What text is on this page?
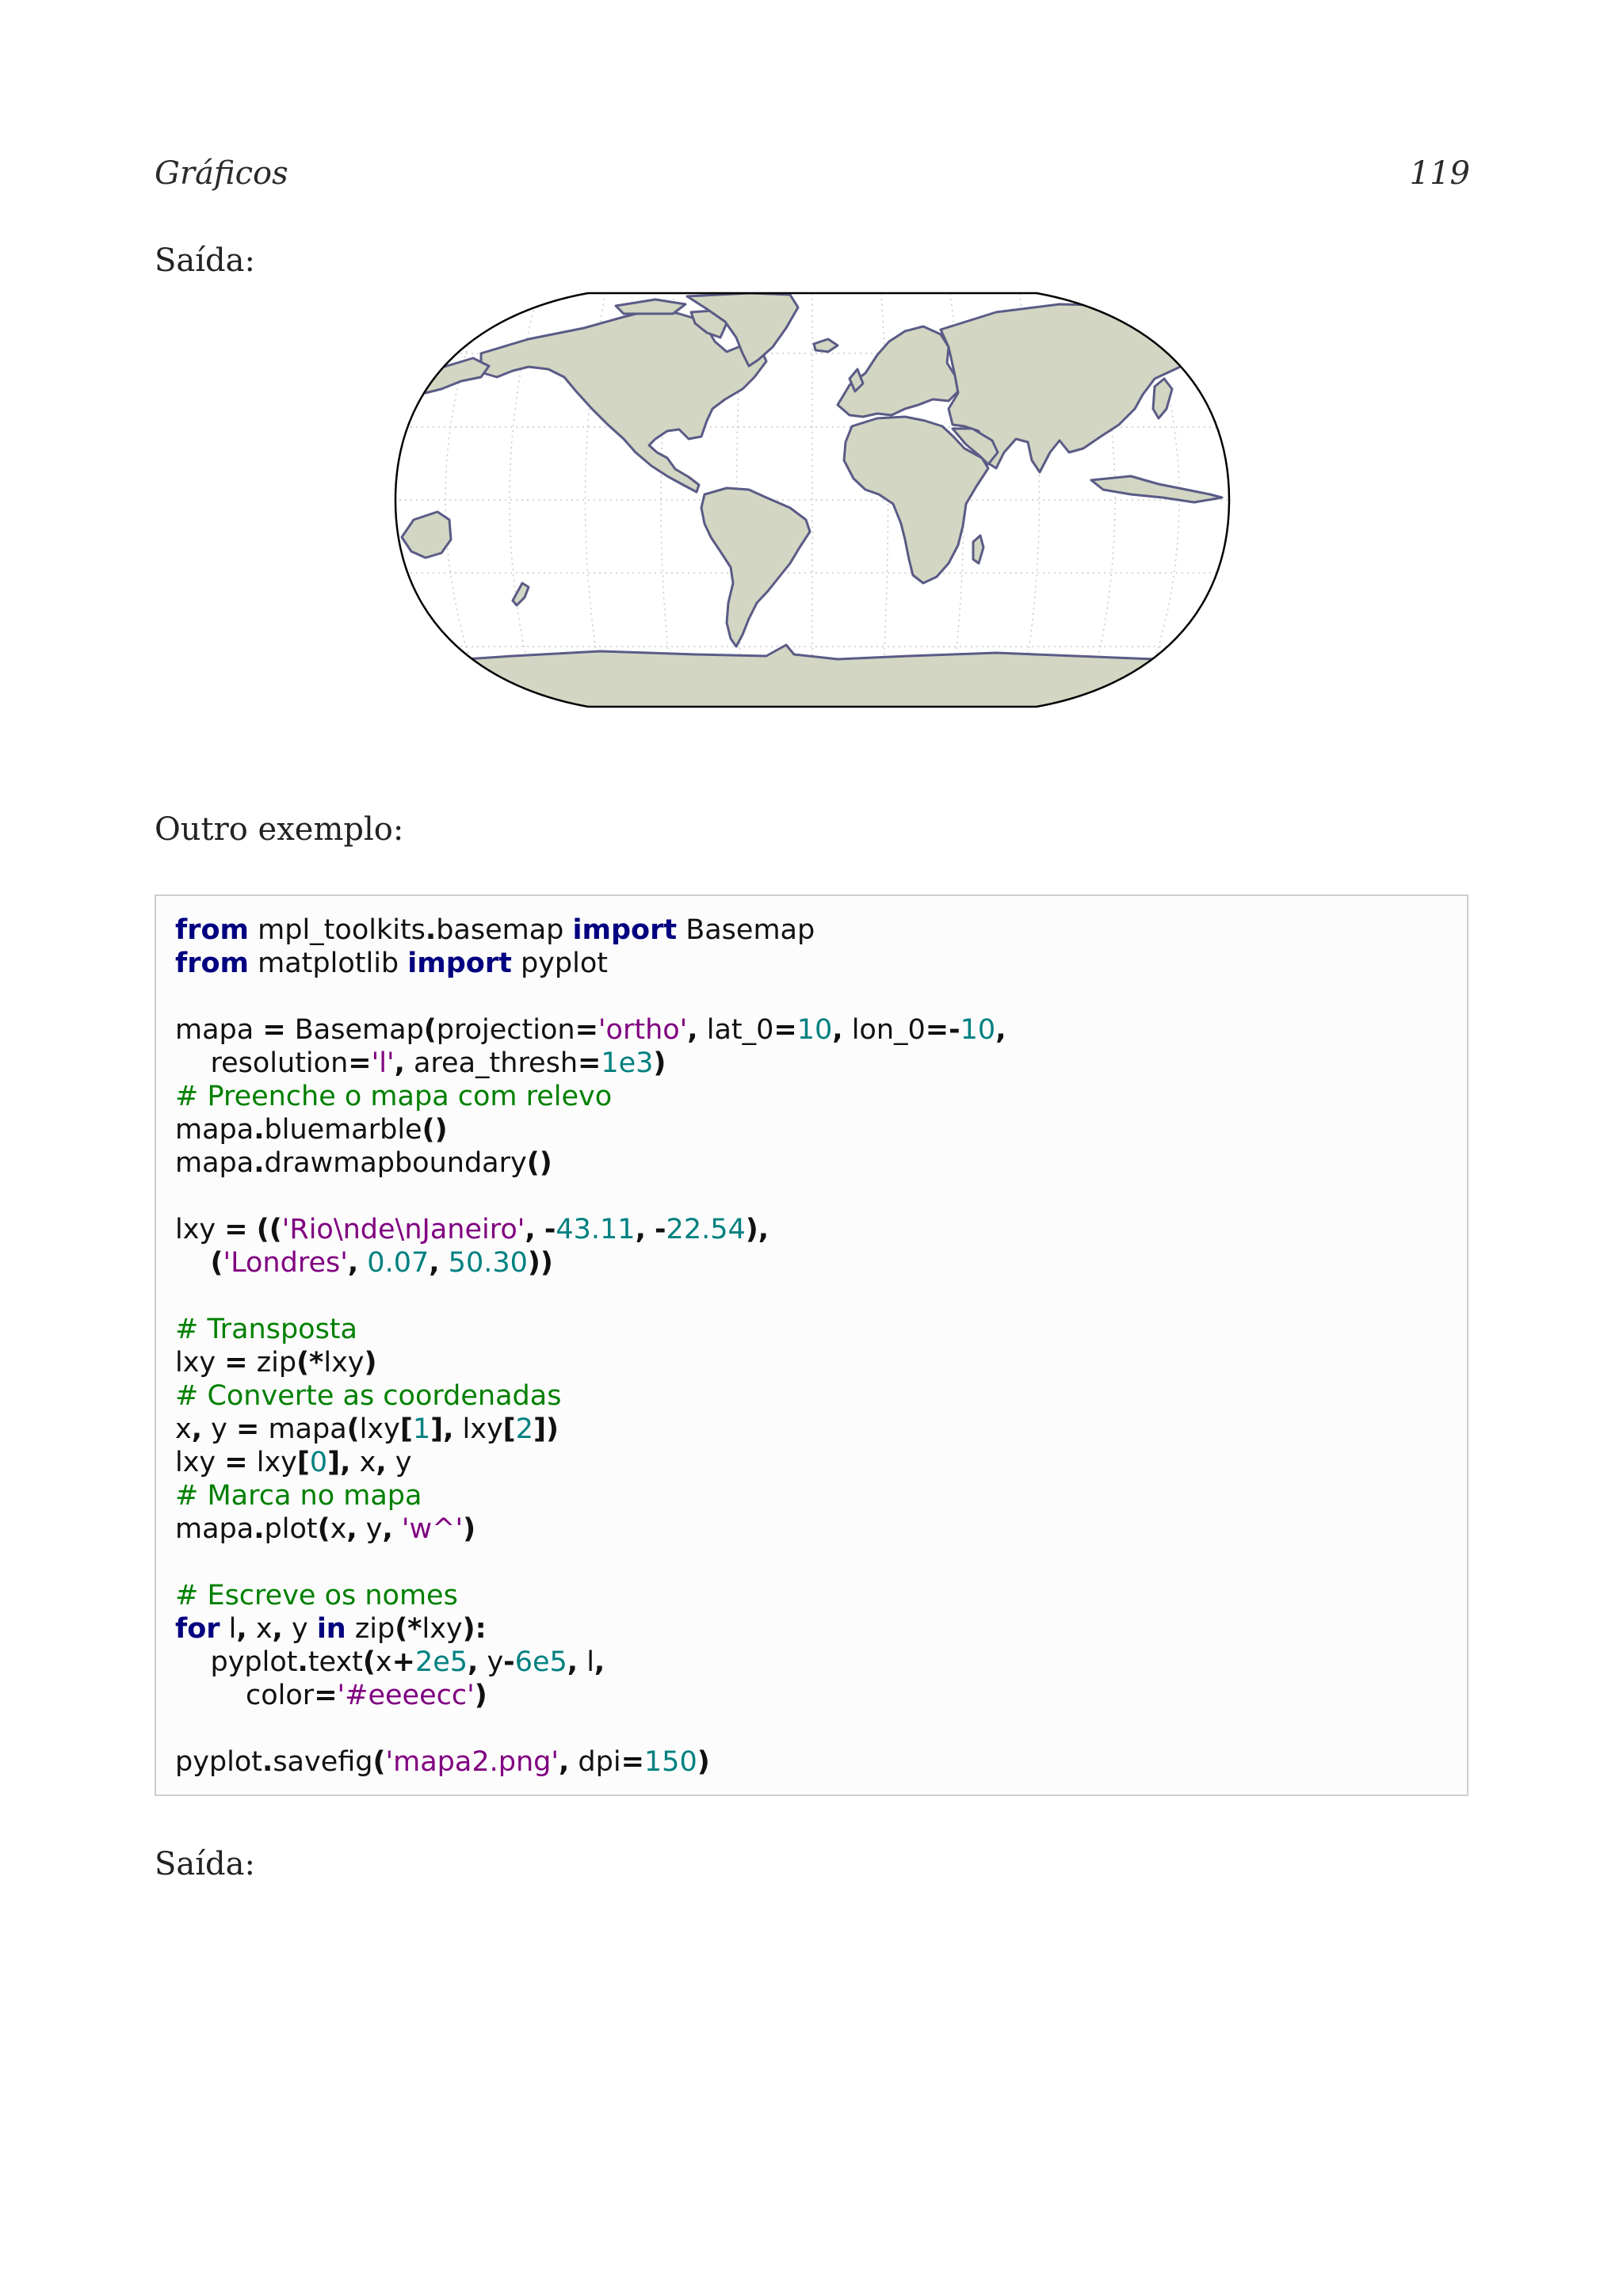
Gráficos	119
Saída:
Outro exemplo:
from mpl_toolkits.basemap import Basemap
from matplotlib import pyplot

mapa = Basemap(projection='ortho', lat_0=10, lon_0=-10,
resolution='l', area_thresh=1e3)
# Preenche o mapa com relevo
mapa.bluemarble()
mapa.drawmapboundary()

lxy = (('Rio\nde\nJaneiro', -43.11, -22.54),
('Londres', 0.07, 50.30))

# Transposta
lxy = zip(*lxy)
# Converte as coordenadas
x, y = mapa(lxy[1], lxy[2])
lxy = lxy[0], x, y
# Marca no mapa
mapa.plot(x, y, 'w^')

# Escreve os nomes
for l, x, y in zip(*lxy):
pyplot.text(x+2e5, y-6e5, l,
color='#eeeecc')

pyplot.savefig('mapa2.png', dpi=150)
Saída:
